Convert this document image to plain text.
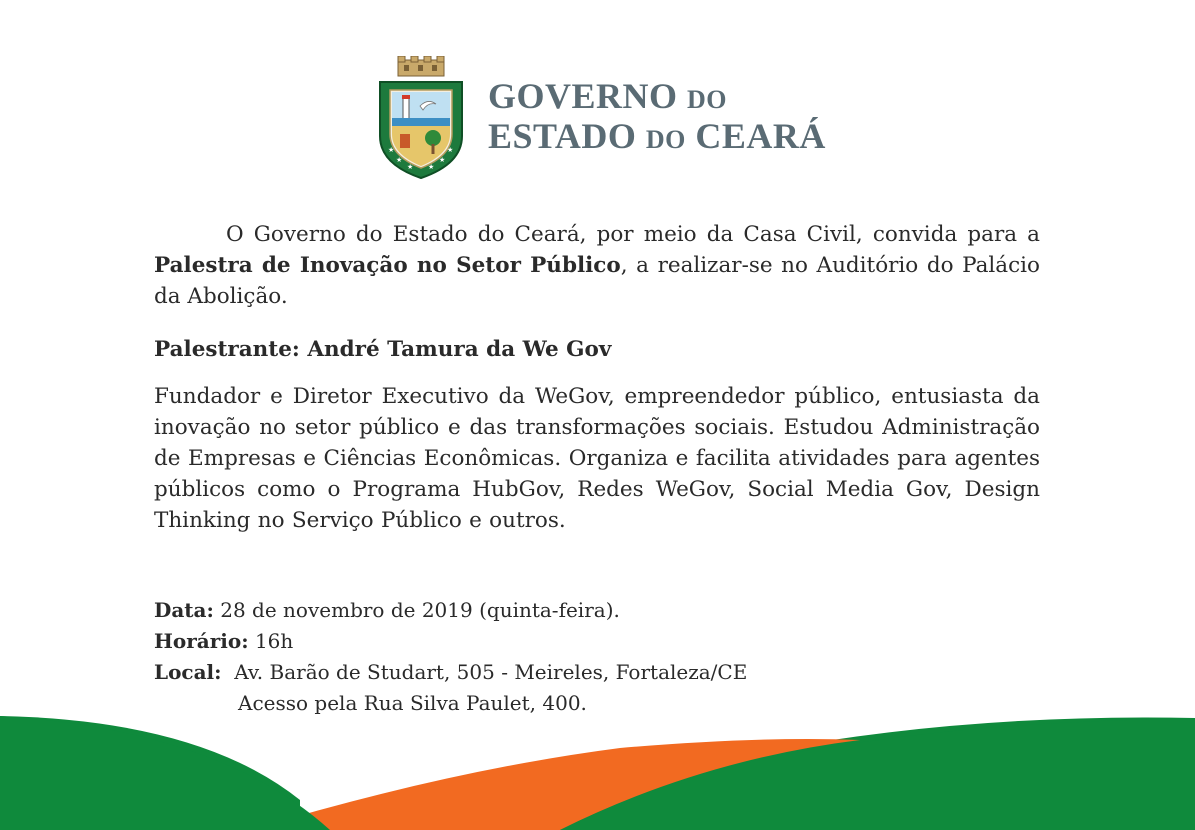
★
★
★ ★
★
★
GOVERNO DO
ESTADO DO CEARÁ

O Governo do Estado do Ceará, por meio da Casa Civil, convida para a Palestra de Inovação no Setor Público, a realizar-se no Auditório do Palácio da Abolição.

Palestrante: André Tamura da We Gov

Fundador e Diretor Executivo da WeGov, empreendedor público, entusiasta da inovação no setor público e das transformações sociais. Estudou Administração de Empresas e Ciências Econômicas. Organiza e facilita atividades para agentes públicos como o Programa HubGov, Redes WeGov, Social Media Gov, Design Thinking no Serviço Público e outros.

Data: 28 de novembro de 2019 (quinta-feira).
Horário: 16h
Local:  Av. Barão de Studart, 505 - Meireles, Fortaleza/CE
Acesso pela Rua Silva Paulet, 400.
